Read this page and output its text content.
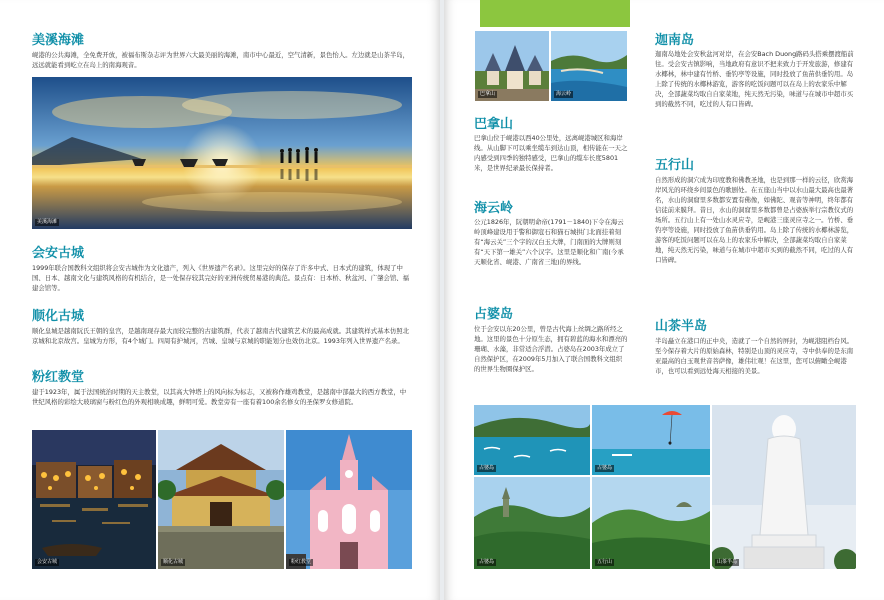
美溪海滩

岘港的公共海滩，全免费开放，被福布斯杂志评为世界六大最美丽的海滩，南市中心最近，空气清新，景色怡人。左边就是山茶半岛，远远就能看到屹立在岛上的南海观音。

美溪海滩
会安古城

1999年联合国教科文组织将会安古城作为文化遗产，列入《世界遗产名录》。这里完好的保存了许多中式、日本式的建筑，体现了中国、日本、越南文化与建筑风格的有机结合，是一处保存较其完好的亚洲传统贸易港的典范。景点有：日本桥、秋盆河、广肇会馆、福建会馆等。

顺化古城

顺化皇城是越南阮氏王朝的皇宫，是越南现存最大而较完整的古建筑群，代表了越南古代建筑艺术的最高成就。其建筑样式基本仿照北京城和北京故宫。皇城为方形，有4个城门。四周有护城河，宫城、皇城与京城的职能划分也效仿北京。1993年列入世界遗产名录。

粉红教堂

建于1923年，属于法国统治时期的天主教堂，以其高大钟塔上的风向标为标志，又被称作雄鸡教堂，是越南中部最大的西方教堂，中世纪风格的彩绘大玻璃窗与粉红色的外观相映成趣，鲜明可爱。教堂旁有一座有着100余名修女的圣保罗女修道院。

会安古城	顺化古城	粉红教堂
巴拿山	海云岭
巴拿山

巴拿山位于岘港以西40公里处，远离岘港城区和海岸线。从山脚下可以乘坐缆车到达山顶，相传能在一天之内感受到四季的独特感受，巴拿山的缆车长度5801米，是世界纪录最长保持者。

海云岭

公元1826年，阮朝明命帝(1791－1840)下令在海云岭顶峰建设用于警和御寇石和猫石城拱门北面挂着刻有“海云关”三个字的汉白玉大牌，门南面的大牌则刻有“天下第一雄关”六个汉字。这里是顺化和广南(今承天顺化省、岘港、广南省三地)的界线。

占婆岛

位于会安以东20公里，曾是古代海上丝绸之路所经之地。这里的景色十分原生态，拥有碧蓝的海水和漂亮的珊瑚、水藻，非常适合浮潜。占婆岛在2003年成立了自然保护区，在2009年5月加入了联合国教科文组织的世界生物圈保护区。

迦南岛

迦南岛地处会安秋盆河对岸，在会安Bach Duong路码头搭乘摆渡船前往。受会安古镇影响，当地政府有意识不把来致力于开发旅游，修建有水椰林，林中建有竹桥、垂钓亭等设施，同时投放了鱼苗供垂钓用。岛上除了传统的水椰林游览，游客的吃饭问题可以在岛上的农家乐中解决，全部蔬菜均取自自家菜地，纯天然无污染，味道与在城市中超市买到的截然不同，吃过的人有口皆碑。

五行山

自然形成的洞穴成为印度教和佛教圣地，也是到那一样的云径，欣赏海岸风光的环绕乡间景色的歌剧处。在五座山当中以水山最大最高也最著名，水山的洞窟里多数都安置有佛像，如佛陀、观音等神明，终年都有信徒前来膜拜。昔日，水山的洞窟里多数都曾是占婆族举行宗教仪式的场所。五行山上有一处山水灵应寺，是岘港三座灵应寺之一。竹桥、垂钓亭等设施，同时投放了鱼苗供垂钓用。岛上除了传统的水椰林游览，游客的吃饭问题可以在岛上的农家乐中解决，全部蔬菜均取自自家菜地，纯天然无污染，味道与在城市中超市买到的截然不同，吃过的人有口皆碑。

山茶半岛

半岛矗立在港口的正中央，造就了一个自然的屏封，为岘港阻档台风。至今保存着大片的原始森林，特别是山顶的灵应寺，寺中供奉的是东南亚最高的白玉观世音菩萨像，雄伟壮观！在这里，您可以俯瞰全岘港市，也可以看到远处海天相接的美景。

占婆岛	占婆岛
山茶半岛
占婆岛	五行山
